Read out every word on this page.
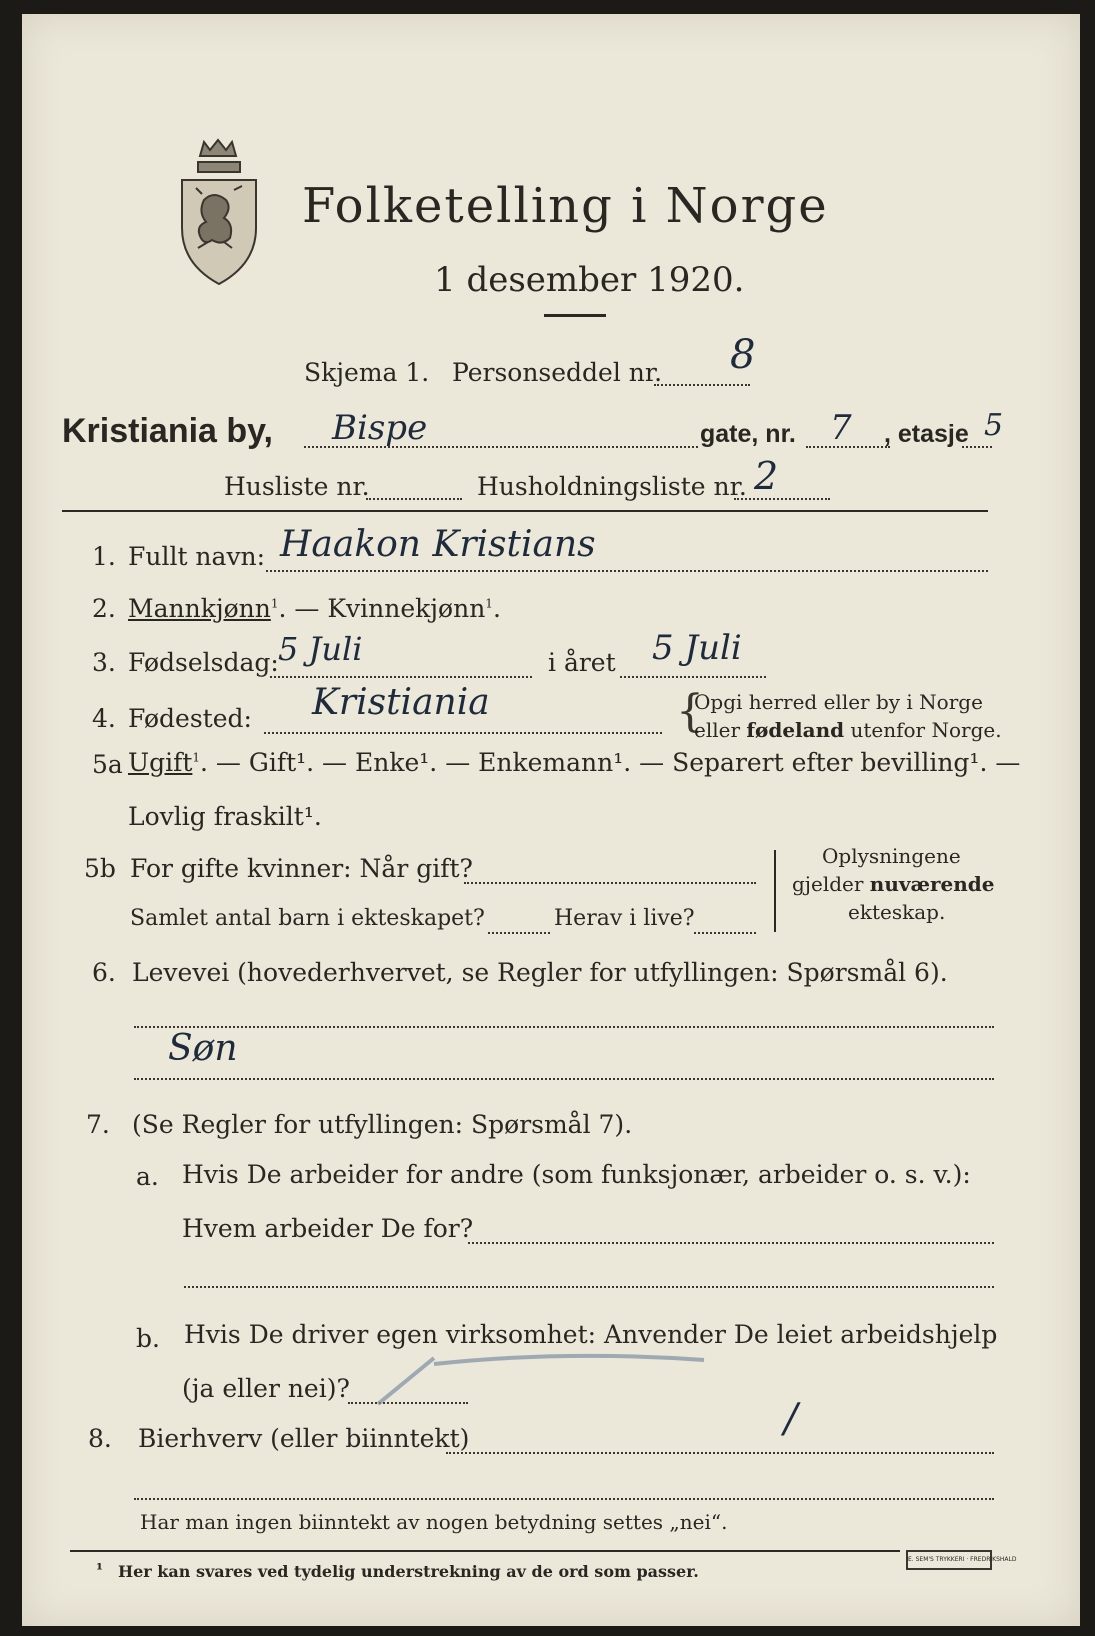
Folketelling i Norge
1 desember 1920.
Skjema 1. Personseddel nr. 8
Kristiania by, Bispe	gate, nr. 7 , etasje 5
Husliste nr.	Husholdningsliste nr. 2
1. Fullt navn: Haakon Kristians
2. Mannkjønn$^1$. — Kvinnekjønn$^1$.
3. Fødselsdag: 5 Juli	i året 5 Juli
4. Fødested: Kristiania	{
Opgi herred eller by i Norge
eller fødeland utenfor Norge.
5a Ugift$^1$. — Gift¹. — Enke¹. — Enkemann¹. — Separert efter bevilling¹. —
Lovlig fraskilt¹.
5b For gifte kvinner: Når gift?
Samlet antal barn i ekteskapet?	Herav i live?
Oplysningene
gjelder nuværende
ekteskap.
6. Levevei (hovederhvervet, se Regler for utfyllingen: Spørsmål 6).
Søn
7. (Se Regler for utfyllingen: Spørsmål 7).
a. Hvis De arbeider for andre (som funksjonær, arbeider o. s. v.):
Hvem arbeider De for?
b. Hvis De driver egen virksomhet: Anvender De leiet arbeidshjelp
(ja eller nei)?
8. Bierhverv (eller biinntekt)	/
Har man ingen biinntekt av nogen betydning settes „nei“.
¹ Her kan svares ved tydelig understrekning av de ord som passer.
E. SEM'S TRYKKERI · FREDRIKSHALD
